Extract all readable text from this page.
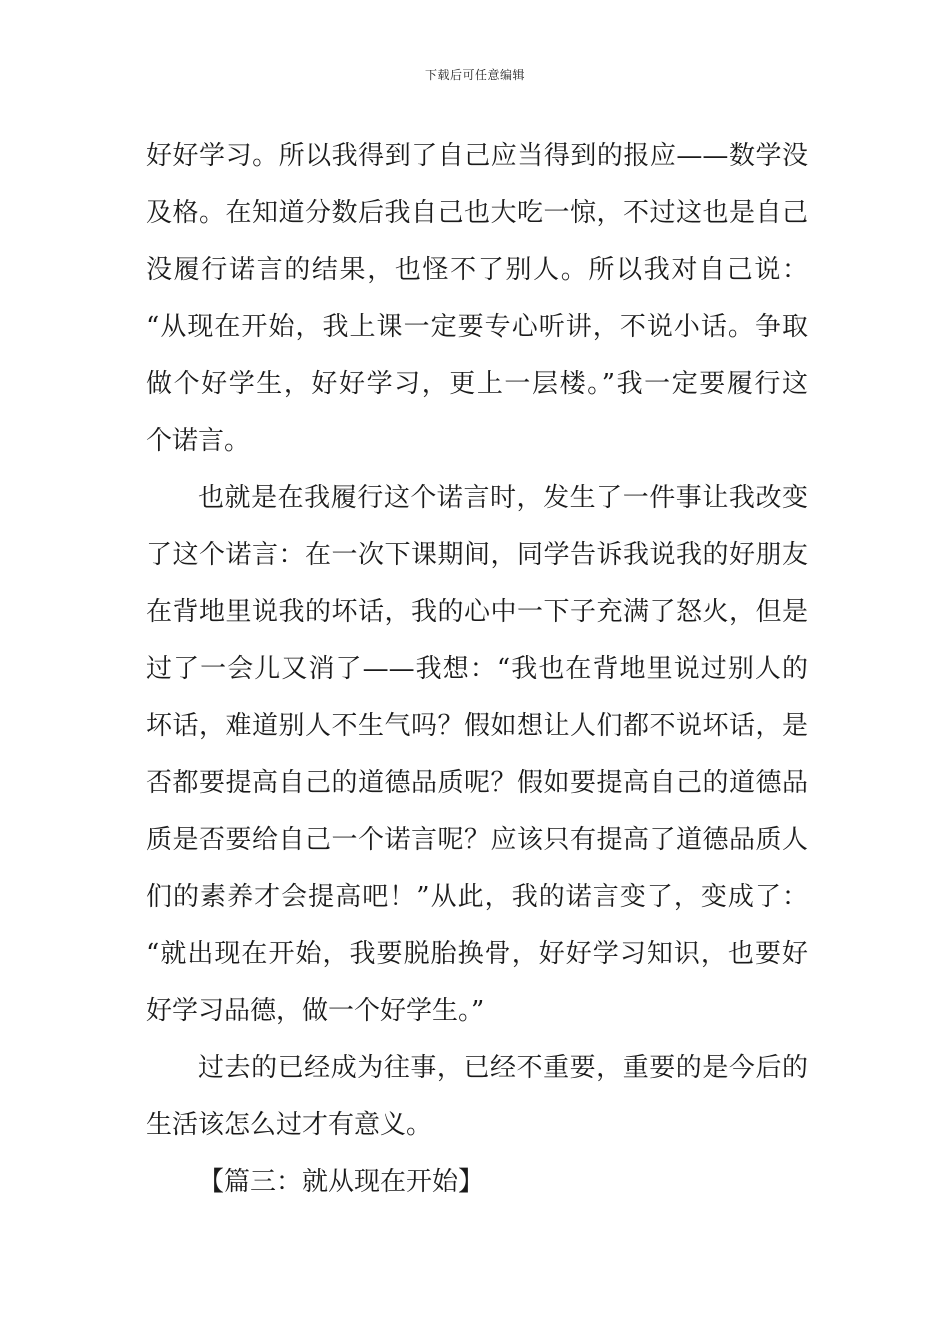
下载后可任意编辑

好好学习。所以我得到了自己应当得到的报应——数学没
及格。在知道分数后我自己也大吃一惊，不过这也是自己
没履行诺言的结果，也怪不了别人。所以我对自己说：
“从现在开始，我上课一定要专心听讲，不说小话。争取
做个好学生，好好学习，更上一层楼。”我一定要履行这
个诺言。

也就是在我履行这个诺言时，发生了一件事让我改变
了这个诺言：在一次下课期间，同学告诉我说我的好朋友
在背地里说我的坏话，我的心中一下子充满了怒火，但是
过了一会儿又消了——我想：“我也在背地里说过别人的
坏话，难道别人不生气吗？假如想让人们都不说坏话，是
否都要提高自己的道德品质呢？假如要提高自己的道德品
质是否要给自己一个诺言呢？应该只有提高了道德品质人
们的素养才会提高吧！”从此，我的诺言变了，变成了：
“就出现在开始，我要脱胎换骨，好好学习知识，也要好
好学习品德，做一个好学生。”

过去的已经成为往事，已经不重要，重要的是今后的
生活该怎么过才有意义。

【篇三：就从现在开始】
